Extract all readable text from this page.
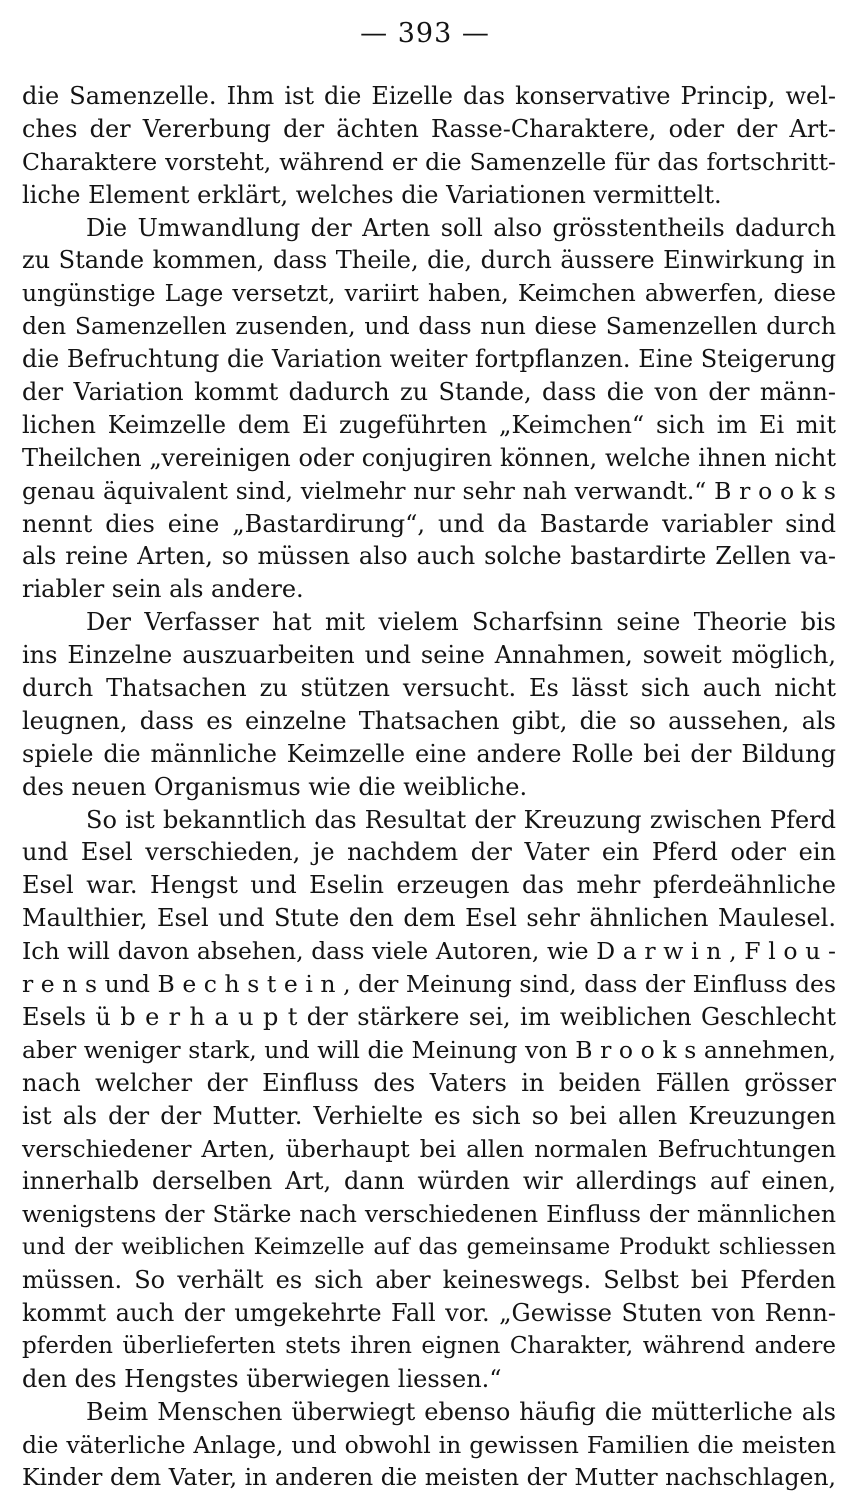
— 393 —
die Samenzelle. Ihm ist die Eizelle das konservative Princip, wel-
ches der Vererbung der ächten Rasse-Charaktere, oder der Art-
Charaktere vorsteht, während er die Samenzelle für das fortschritt-
liche Element erklärt, welches die Variationen vermittelt.
Die Umwandlung der Arten soll also grösstentheils dadurch
zu Stande kommen, dass Theile, die, durch äussere Einwirkung in
ungünstige Lage versetzt, variirt haben, Keimchen abwerfen, diese
den Samenzellen zusenden, und dass nun diese Samenzellen durch
die Befruchtung die Variation weiter fortpflanzen. Eine Steigerung
der Variation kommt dadurch zu Stande, dass die von der männ-
lichen Keimzelle dem Ei zugeführten „Keimchen“ sich im Ei mit
Theilchen „vereinigen oder conjugiren können, welche ihnen nicht
genau äquivalent sind, vielmehr nur sehr nah verwandt.“ B r o o k s
nennt dies eine „Bastardirung“, und da Bastarde variabler sind
als reine Arten, so müssen also auch solche bastardirte Zellen va-
riabler sein als andere.
Der Verfasser hat mit vielem Scharfsinn seine Theorie bis
ins Einzelne auszuarbeiten und seine Annahmen, soweit möglich,
durch Thatsachen zu stützen versucht. Es lässt sich auch nicht
leugnen, dass es einzelne Thatsachen gibt, die so aussehen, als
spiele die männliche Keimzelle eine andere Rolle bei der Bildung
des neuen Organismus wie die weibliche.
So ist bekanntlich das Resultat der Kreuzung zwischen Pferd
und Esel verschieden, je nachdem der Vater ein Pferd oder ein
Esel war. Hengst und Eselin erzeugen das mehr pferdeähnliche
Maulthier, Esel und Stute den dem Esel sehr ähnlichen Maulesel.
Ich will davon absehen, dass viele Autoren, wie D a r w i n , F l o u -
r e n s und B e c h s t e i n , der Meinung sind, dass der Einfluss des
Esels ü b e r h a u p t der stärkere sei, im weiblichen Geschlecht
aber weniger stark, und will die Meinung von B r o o k s annehmen,
nach welcher der Einfluss des Vaters in beiden Fällen grösser
ist als der der Mutter. Verhielte es sich so bei allen Kreuzungen
verschiedener Arten, überhaupt bei allen normalen Befruchtungen
innerhalb derselben Art, dann würden wir allerdings auf einen,
wenigstens der Stärke nach verschiedenen Einfluss der männlichen
und der weiblichen Keimzelle auf das gemeinsame Produkt schliessen
müssen. So verhält es sich aber keineswegs. Selbst bei Pferden
kommt auch der umgekehrte Fall vor. „Gewisse Stuten von Renn-
pferden überlieferten stets ihren eignen Charakter, während andere
den des Hengstes überwiegen liessen.“
Beim Menschen überwiegt ebenso häufig die mütterliche als
die väterliche Anlage, und obwohl in gewissen Familien die meisten
Kinder dem Vater, in anderen die meisten der Mutter nachschlagen,
